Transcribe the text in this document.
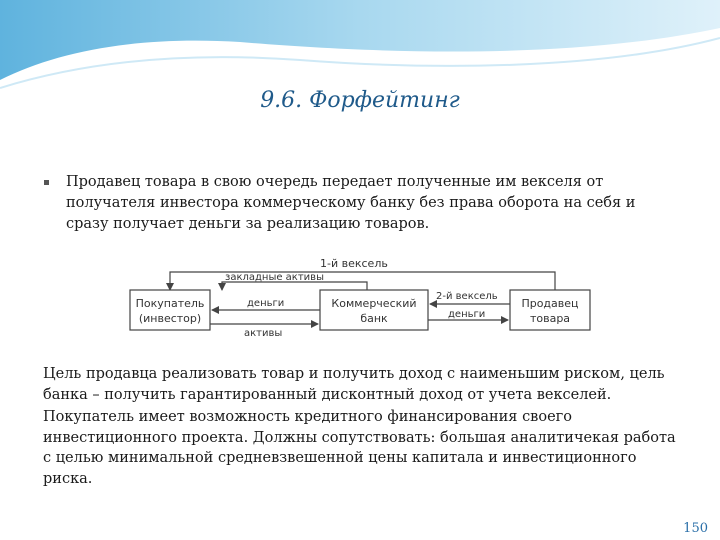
9.6. Форфейтинг
Продавец товара в свою очередь передает полученные им векселя от получателя инвестора коммерческому банку без права оборота на себя и сразу получает деньги за реализацию товаров.
1-й вексель
закладные активы
Покупатель
(инвестор)
Коммерческий
банк
Продавец
товара
деньги
активы
2-й вексель
деньги

Цель продавца реализовать товар и получить доход с наименьшим риском, цель банка – получить гарантированный дисконтный доход от учета векселей.

Покупатель имеет возможность кредитного финансирования своего инвестиционного проекта. Должны сопутствовать: большая аналитичекая работа с целью минимальной средневзвешенной цены капитала и инвестиционного риска.

150
